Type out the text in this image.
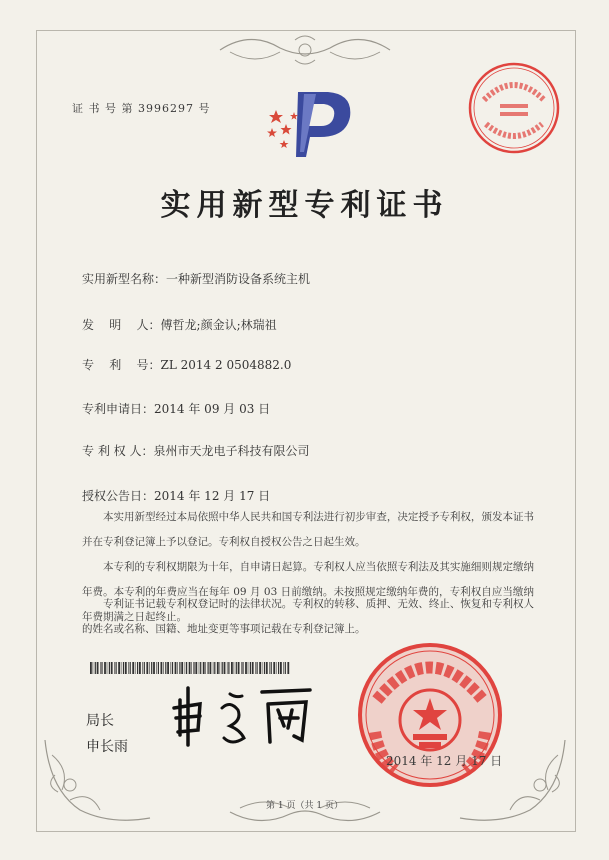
证 书 号 第 3996297 号
实用新型专利证书
实用新型名称：一种新型消防设备系统主机
发    明    人：傅哲龙;颜金认;林瑞祖
专    利    号：ZL 2014 2 0504882.0
专利申请日：2014 年 09 月 03 日
专 利 权 人：泉州市天龙电子科技有限公司
授权公告日：2014 年 12 月 17 日
本实用新型经过本局依照中华人民共和国专利法进行初步审查，决定授予专利权，颁发本证书并在专利登记簿上予以登记。专利权自授权公告之日起生效。
本专利的专利权期限为十年，自申请日起算。专利权人应当依照专利法及其实施细则规定缴纳年费。本专利的年费应当在每年 09 月 03 日前缴纳。未按照规定缴纳年费的，专利权自应当缴纳年费期满之日起终止。
专利证书记载专利权登记时的法律状况。专利权的转移、质押、无效、终止、恢复和专利权人的姓名或名称、国籍、地址变更等事项记载在专利登记簿上。
局长
申长雨
2014 年 12 月 17 日
第 1 页（共 1 页）
